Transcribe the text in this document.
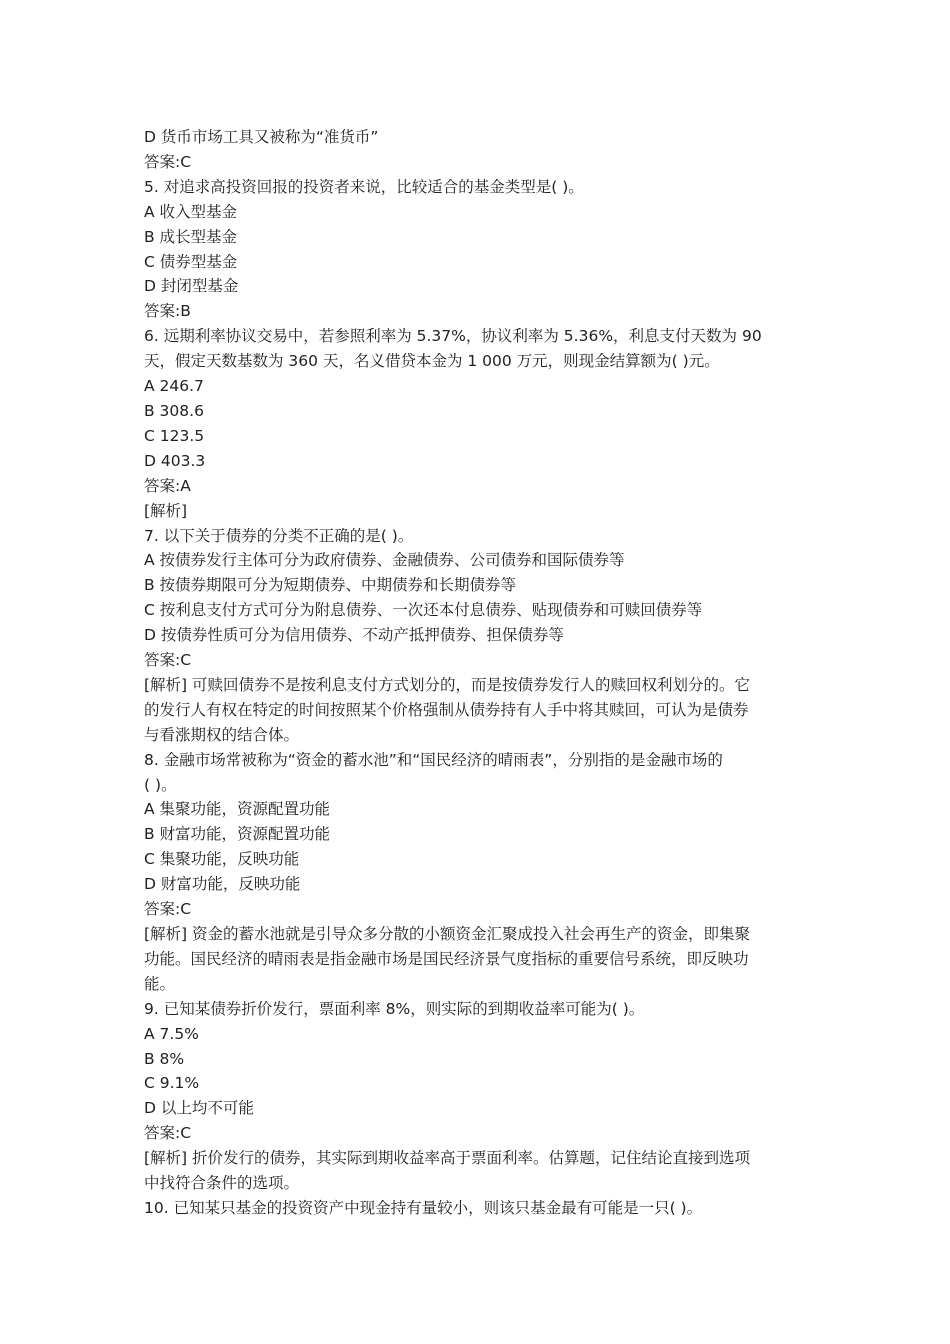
D 货币市场工具又被称为“准货币”
答案:C
5. 对追求高投资回报的投资者来说，比较适合的基金类型是( )。
A 收入型基金
B 成长型基金
C 债券型基金
D 封闭型基金
答案:B
6. 远期利率协议交易中，若参照利率为 5.37%，协议利率为 5.36%，利息支付天数为 90
天，假定天数基数为 360 天，名义借贷本金为 1 000 万元，则现金结算额为( )元。
A 246.7
B 308.6
C 123.5
D 403.3
答案:A
[解析]
7. 以下关于债券的分类不正确的是( )。
A 按债券发行主体可分为政府债券、金融债券、公司债券和国际债券等
B 按债券期限可分为短期债券、中期债券和长期债券等
C 按利息支付方式可分为附息债券、一次还本付息债券、贴现债券和可赎回债券等
D 按债券性质可分为信用债券、不动产抵押债券、担保债券等
答案:C
[解析] 可赎回债券不是按利息支付方式划分的，而是按债券发行人的赎回权利划分的。它
的发行人有权在特定的时间按照某个价格强制从债券持有人手中将其赎回，可认为是债券
与看涨期权的结合体。
8. 金融市场常被称为“资金的蓄水池”和“国民经济的晴雨表”，分别指的是金融市场的
( )。
A 集聚功能，资源配置功能
B 财富功能，资源配置功能
C 集聚功能，反映功能
D 财富功能，反映功能
答案:C
[解析] 资金的蓄水池就是引导众多分散的小额资金汇聚成投入社会再生产的资金，即集聚
功能。国民经济的晴雨表是指金融市场是国民经济景气度指标的重要信号系统，即反映功
能。
9. 已知某债券折价发行，票面利率 8%，则实际的到期收益率可能为( )。
A 7.5%
B 8%
C 9.1%
D 以上均不可能
答案:C
[解析] 折价发行的债券，其实际到期收益率高于票面利率。估算题，记住结论直接到选项
中找符合条件的选项。
10. 已知某只基金的投资资产中现金持有量较小，则该只基金最有可能是一只( )。
